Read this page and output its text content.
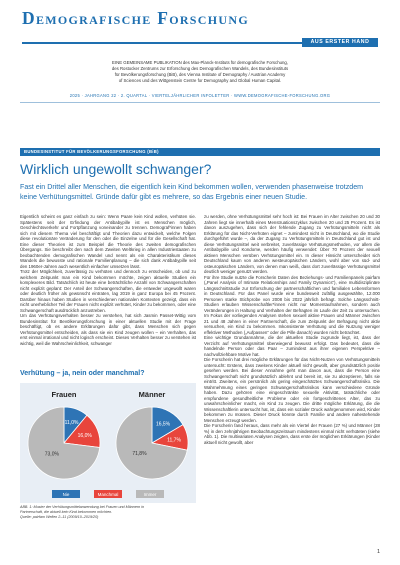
Demografische Forschung
AUS ERSTER HAND
EINE GEMEINSAME PUBLIKATION des Max-Planck-Instituts für demografische Forschung,
des Rostocker Zentrums zur Erforschung des Demografischen Wandels, des Bundesinstituts
für Bevölkerungsforschung (BiB), des Vienna Institute of Demography / Austrian Academy
of Sciences und des Wittgenstein Centre for Demography and Global Human Capital.
2025 · JAHRGANG 22 · 2. QUARTAL · VIERTELJÄHRLICHER INFOLETTER · WWW.DEMOGRAFISCHE-FORSCHUNG.ORG
BUNDESINSTITUT FÜR BEVÖLKERUNGSFORSCHUNG (BiB)
Wirklich ungewollt schwanger?
Fast ein Drittel aller Menschen, die eigentlich kein Kind bekommen wollen, verwenden phasenweise trotzdem
keine Verhütungsmittel. Gründe dafür gibt es mehrere, so das Ergebnis einer neuen Studie.

Eigentlich scheint es ganz einfach zu sein: Wenn Paare kein Kind wollen, verhüten sie. Spätestens seit der Erfindung der Antibabypille ist es Menschen möglich, Geschlechtsverkehr und Fortpflanzung voneinander zu trennen. Demograf*innen haben sich mit diesem Thema viel beschäftigt und Theorien dazu entwickelt, welche Folgen diese revolutionäre Veränderung für den oder die Einzelne und für die Gesellschaft hat. Eine dieser Theorien ist zum Beispiel die Theorie des zweiten demografischen Übergangs. Sie beschreibt den nach dem Zweiten Weltkrieg in allen Industriestaaten zu beobachtenden demografischen Wandel und nennt als ein Charakteristikum dieses Wandels die bewusste und rationale Familienplanung – die sich dank Antibabypille seit den 1960er-Jahren auch wesentlich einfacher umsetzen lässt.

Trotz der Möglichkeit, zuverlässig zu verhüten und dennoch zu entscheiden, ob und zu welchem Zeitpunkt man ein Kind bekommen möchte, zeigen aktuelle Studien ein komplexeres Bild. Tatsächlich ist heute eine beträchtliche Anzahl von Schwangerschaften nicht explizit geplant: Der Anteil der Schwangerschaften, die entweder ungewollt waren oder deutlich früher als gewünscht eintraten, lag 2019 in ganz Europa bei 45 Prozent. Darüber hinaus haben Studien in verschiedenen nationalen Kontexten gezeigt, dass ein nicht unerheblicher Teil der Frauen nicht explizit verhütet, Kinder zu bekommen, oder eine Schwangerschaft ausdrücklich anzustreben.

Um das Verhütungsverhalten besser zu verstehen, hat sich Jasmin Passet-Wittig vom Bundesinstitut für Bevölkerungsforschung in einer aktuellen Studie mit der Frage beschäftigt, ob es andere Erklärungen dafür gibt, dass Menschen sich gegen Verhütungsmittel entscheiden, als dass sie ein Kind zeugen wollen – ein Verhalten, das erst einmal irrational und nicht logisch erscheint. Dieses Verhalten besser zu verstehen ist wichtig, weil die Wahrscheinlichkeit, schwanger

zu werden, ohne Verhütungsmittel sehr hoch ist: Bei Frauen im Alter zwischen 20 und 30 Jahren liegt sie innerhalb eines Menstruationszyklus zwischen 20 und 25 Prozent. Es ist davon auszugehen, dass sich der fehlende Zugang zu Verhütungsmitteln nicht als Erklärung für das Nicht-Verhüten eignet – zumindest nicht in Deutschland, wo die Studie durchgeführt wurde –, da der Zugang zu Verhütungsmitteln in Deutschland gut ist und diese Verhütungsmittel weit verbreitet, zuverlässige Verhütungsmethoden, vor allem die Antibabypille und Kondome, werden häufig verwendet: Über 70 Prozent der sexuell aktiven Menschen verüben Verhütungsmittel ein. In dieser Hinsicht unterscheidet sich Deutschland kaum von anderen westeuropäischen Ländern, wohl aber von süd- und osteuropäischen Ländern, von denen man weiß, dass dort zuverlässige Verhütungsmittel deutlich weniger genutzt werden.

Für ihre Studie nutzte die Forscherin Daten des Beziehungs- und Familienpanels pairfam („Panel Analysis of Intimate Relationships and Family Dynamics“), eine multidisziplinäre Längsschnittstudie zur Erforschung der partnerschaftlichen und familialen Lebensformen in Deutschland. Für das Panel wurde eine bundesweit zufällig ausgewählte, 12.000 Personen starke Stichprobe von 2008 bis 2022 jährlich befragt. Solche Längsschnitt-Studien erlauben Wissenschaftler*innen nicht nur Momentaufnahmen, sondern auch Veränderungen in Haltung und Verhalten der Befragten im Laufe der Zeit zu untersuchen. Im Fokus der vorliegenden Analysen stehen sexuell aktive Frauen und Männer zwischen 21 und 48 Jahren in einer Partnerschaft, die zum Zeitpunkt der Befragung nicht aktiv versuchen, ein Kind zu bekommen. Inkonsistente Verhütung und die Nutzung weniger effektiver Methoden („Aufpassen“ oder die Pille danach) wurden nicht betrachtet.

Eine wichtige Grundannahme, die der aktuellen Studie zugrunde liegt, ist, dass der Verzicht auf Verhütungsmittel überwiegend bewusst erfolgt. Das bedeutet, dass die handelnde Person oder das Paar – zumindest aus ihrer eigenen Perspektive – nachvollziehbare Motive hat.

Die Forscherin hat drei mögliche Erklärungen für das Nicht-Nutzen von Verhütungsmitteln untersucht: Erstens, dass zweitens Kinder aktuell nicht gewollt, aber grundsätzlich positiv gesehen werden. Bei dieser Annahme geht man davon aus, dass die Person eine Schwangerschaft nicht grundsätzlich ablehnt und bereit ist, sie zu akzeptieren, falls sie eintritt. Zweitens, ein persönlich als gering eingeschätztes Schwangerschaftsrisiko. Die Wahrnehmung eines geringen Schwangerschaftsrisikos kann verschiedene Gründe haben. Dazu gehören eine eingeschränkte sexuelle Aktivität, tatsächliche oder empfundene gesundheitliche Probleme oder ein fortgeschrittenes Alter, das zu unwahrscheinlicher macht, ein Kind zu zeugen. Die dritte mögliche Erklärung, die die Wissenschaftlerin untersucht hat, ist, dass ein sozialer Druck wahrgenommen wird, Kinder bekommen zu müssen. Dieser Druck könnte durch Familie und andere nahestehende Menschen erzeugt werden.

Die Forscherin fand heraus, dass mehr als ein Viertel der Frauen (27 %) und Männer (28 %) in den zehnjährigen Beobachtungszeitraum mindestens einmal nicht verhüteten (siehe Abb. 1). Die multivariaten Analysen zeigten, dass erste der möglichen Erklärungen (Kinder aktuell nicht gewollt, aber

Verhütung – ja, nein oder manchmal?
Frauen	Männer
11,0%
16,0%
73,0%
16,5%
11,7%
71,8%
Nie	Manchmal	Immer
ABB. 1: Muster der Verhütungsmittelanwendung bei Frauen und Männern in
Partnerschaft, die aktuell kein Kind bekommen möchten.
Quelle: pairfam Wellen 2–11 (2009/10–2019/20)
1
